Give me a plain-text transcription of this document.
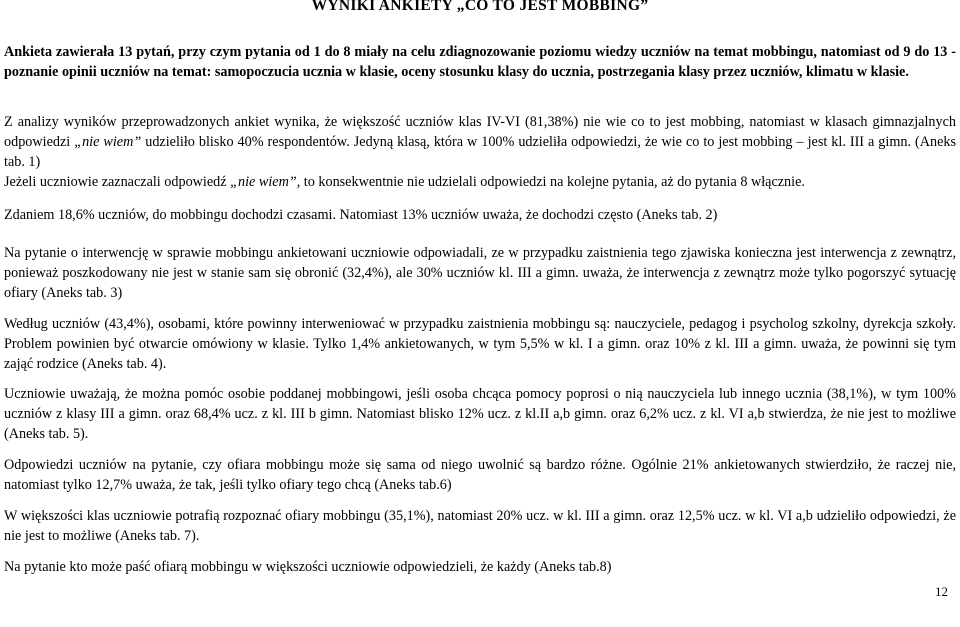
WYNIKI ANKIETY „CO TO JEST MOBBING”
Ankieta zawierała 13 pytań, przy czym pytania od 1 do 8 miały na celu zdiagnozowanie poziomu wiedzy uczniów na temat mobbingu, natomiast od 9 do 13 - poznanie opinii uczniów na temat: samopoczucia ucznia w klasie, oceny stosunku klasy do ucznia, postrzegania klasy przez uczniów, klimatu w klasie.
Z analizy wyników przeprowadzonych ankiet wynika, że większość uczniów klas IV-VI (81,38%) nie wie co to jest mobbing, natomiast w klasach gimnazjalnych odpowiedzi „nie wiem” udzieliło blisko 40% respondentów. Jedyną klasą, która w 100% udzieliła odpowiedzi, że wie co to jest mobbing – jest kl. III a gimn. (Aneks tab. 1)
Jeżeli uczniowie zaznaczali odpowiedź „nie wiem”, to konsekwentnie nie udzielali odpowiedzi na kolejne pytania, aż do pytania 8 włącznie.
Zdaniem 18,6% uczniów, do mobbingu dochodzi czasami. Natomiast 13% uczniów uważa, że dochodzi często (Aneks tab. 2)
Na pytanie o interwencję w sprawie mobbingu ankietowani uczniowie odpowiadali, ze w przypadku zaistnienia tego zjawiska konieczna jest interwencja z zewnątrz, ponieważ poszkodowany nie jest w stanie sam się obronić (32,4%), ale 30% uczniów kl. III a gimn. uważa, że interwencja z zewnątrz może tylko pogorszyć sytuację ofiary (Aneks tab. 3)
Według uczniów (43,4%), osobami, które powinny interweniować w przypadku zaistnienia mobbingu są: nauczyciele, pedagog i psycholog szkolny, dyrekcja szkoły. Problem powinien być otwarcie omówiony w klasie. Tylko 1,4% ankietowanych, w tym 5,5% w kl. I a gimn. oraz 10% z kl. III a gimn. uważa, że powinni się tym zająć rodzice (Aneks tab. 4).
Uczniowie uważają, że można pomóc osobie poddanej mobbingowi, jeśli osoba chcąca pomocy poprosi o nią nauczyciela lub innego ucznia (38,1%), w tym 100% uczniów z klasy III a gimn. oraz 68,4% ucz. z kl. III b gimn. Natomiast blisko 12% ucz. z kl.II a,b gimn. oraz 6,2% ucz. z kl. VI a,b stwierdza, że nie jest to możliwe (Aneks tab. 5).
Odpowiedzi uczniów na pytanie, czy ofiara mobbingu może się sama od niego uwolnić są bardzo różne. Ogólnie 21% ankietowanych stwierdziło, że raczej nie, natomiast tylko 12,7% uważa, że tak, jeśli tylko ofiary tego chcą (Aneks tab.6)
W większości klas uczniowie potrafią rozpoznać ofiary mobbingu (35,1%), natomiast 20% ucz. w kl. III a gimn. oraz 12,5% ucz. w kl. VI a,b udzieliło odpowiedzi, że nie jest to możliwe (Aneks tab. 7).
Na pytanie kto może paść ofiarą mobbingu w większości uczniowie odpowiedzieli, że każdy (Aneks tab.8)
12
